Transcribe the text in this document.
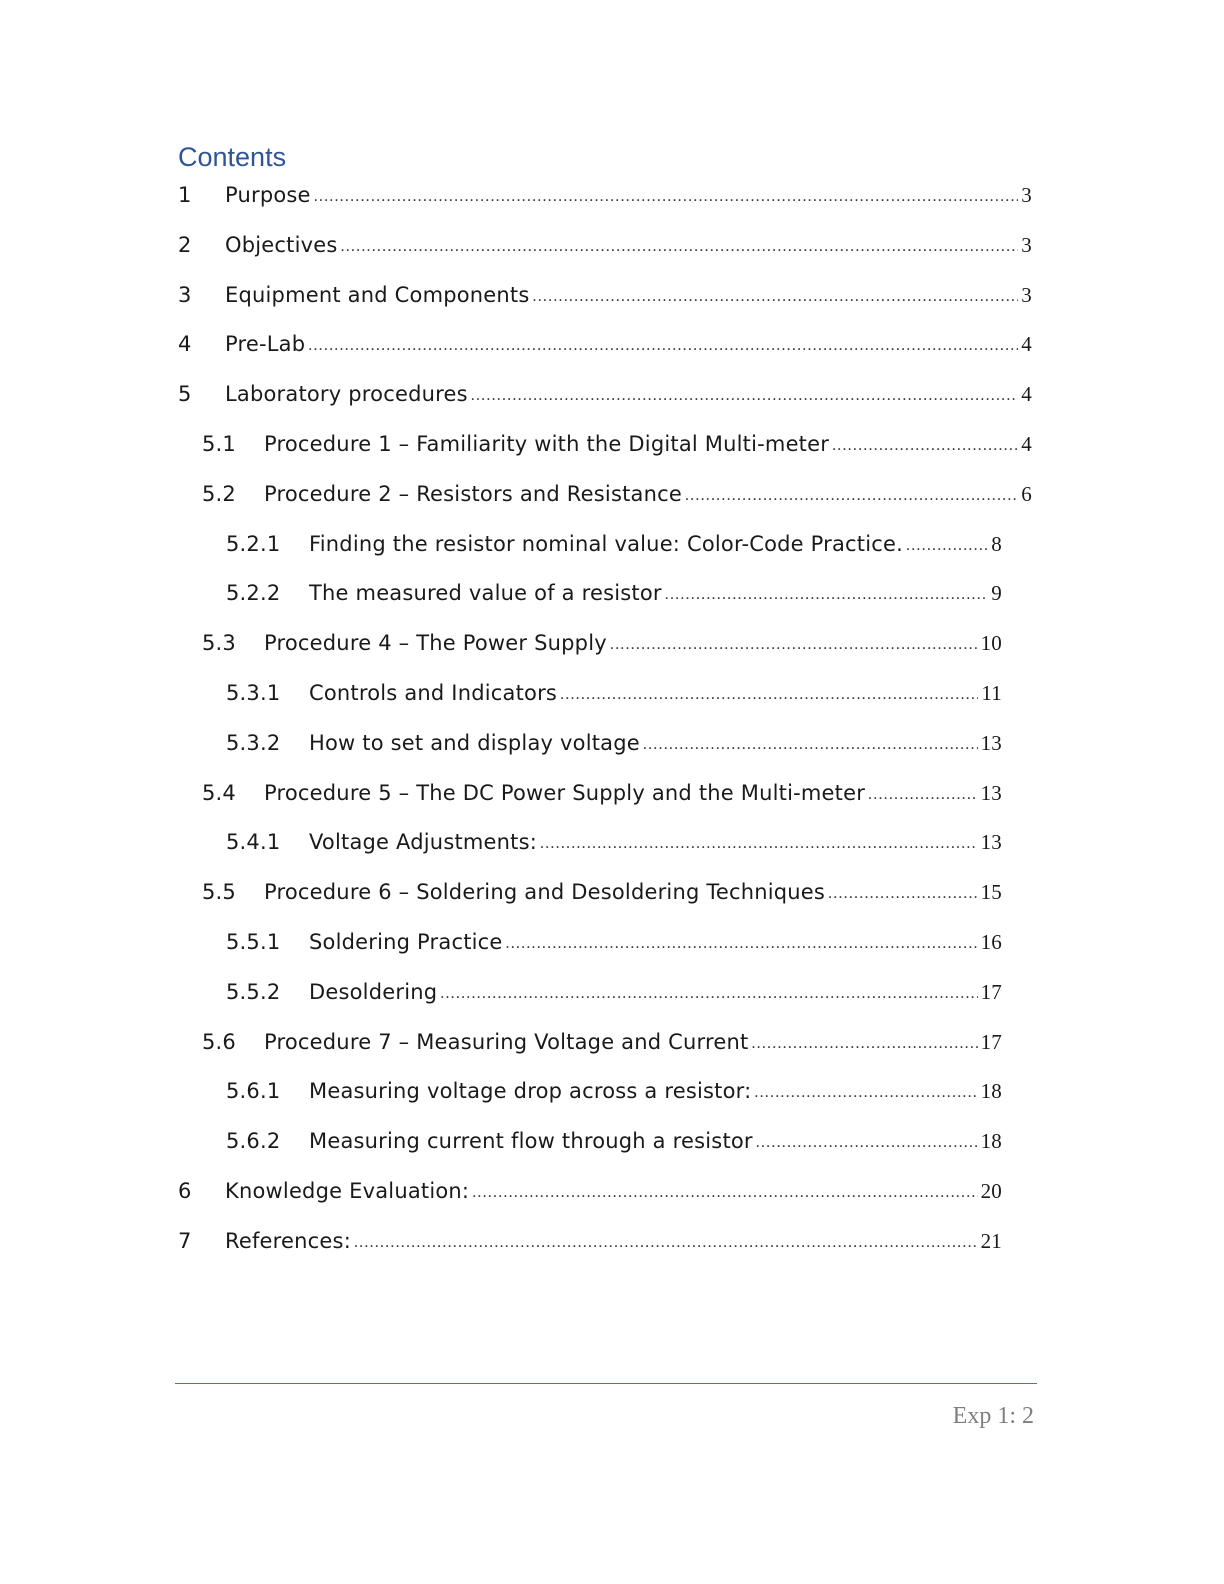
Contents
1	Purpose .....	3
2	Objectives .....	3
3	Equipment and Components .....	3
4	Pre-Lab .....	4
5	Laboratory procedures .....	4
5.1	Procedure 1 – Familiarity with the Digital Multi-meter .....	4
5.2	Procedure 2 – Resistors and Resistance .....	6
5.2.1	Finding the resistor nominal value: Color-Code Practice. .....	8
5.2.2	The measured value of a resistor .....	9
5.3	Procedure 4 – The Power Supply .....	10
5.3.1	Controls and Indicators .....	11
5.3.2	How to set and display voltage .....	13
5.4	Procedure 5 – The DC Power Supply and the Multi-meter .....	13
5.4.1	Voltage Adjustments: .....	13
5.5	Procedure 6 – Soldering and Desoldering Techniques .....	15
5.5.1	Soldering Practice .....	16
5.5.2	Desoldering .....	17
5.6	Procedure 7 – Measuring Voltage and Current .....	17
5.6.1	Measuring voltage drop across a resistor: .....	18
5.6.2	Measuring current flow through a resistor .....	18
6	Knowledge Evaluation: .....	20
7	References: .....	21
Exp 1: 2
